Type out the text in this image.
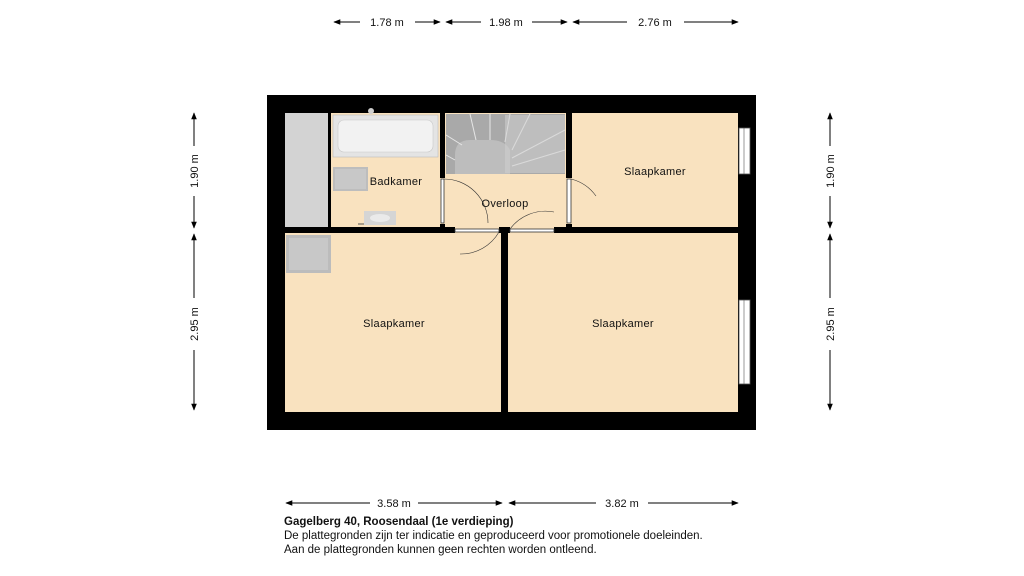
1.78 m	1.98 m	2.76 m
1.90 m
2.95 m
1.90 m
2.95 m
3.58 m	3.82 m
Badkamer
Overloop
Slaapkamer
Slaapkamer	Slaapkamer
Gagelberg 40, Roosendaal (1e verdieping)
De plattegronden zijn ter indicatie en geproduceerd voor promotionele doeleinden.
Aan de plattegronden kunnen geen rechten worden ontleend.
